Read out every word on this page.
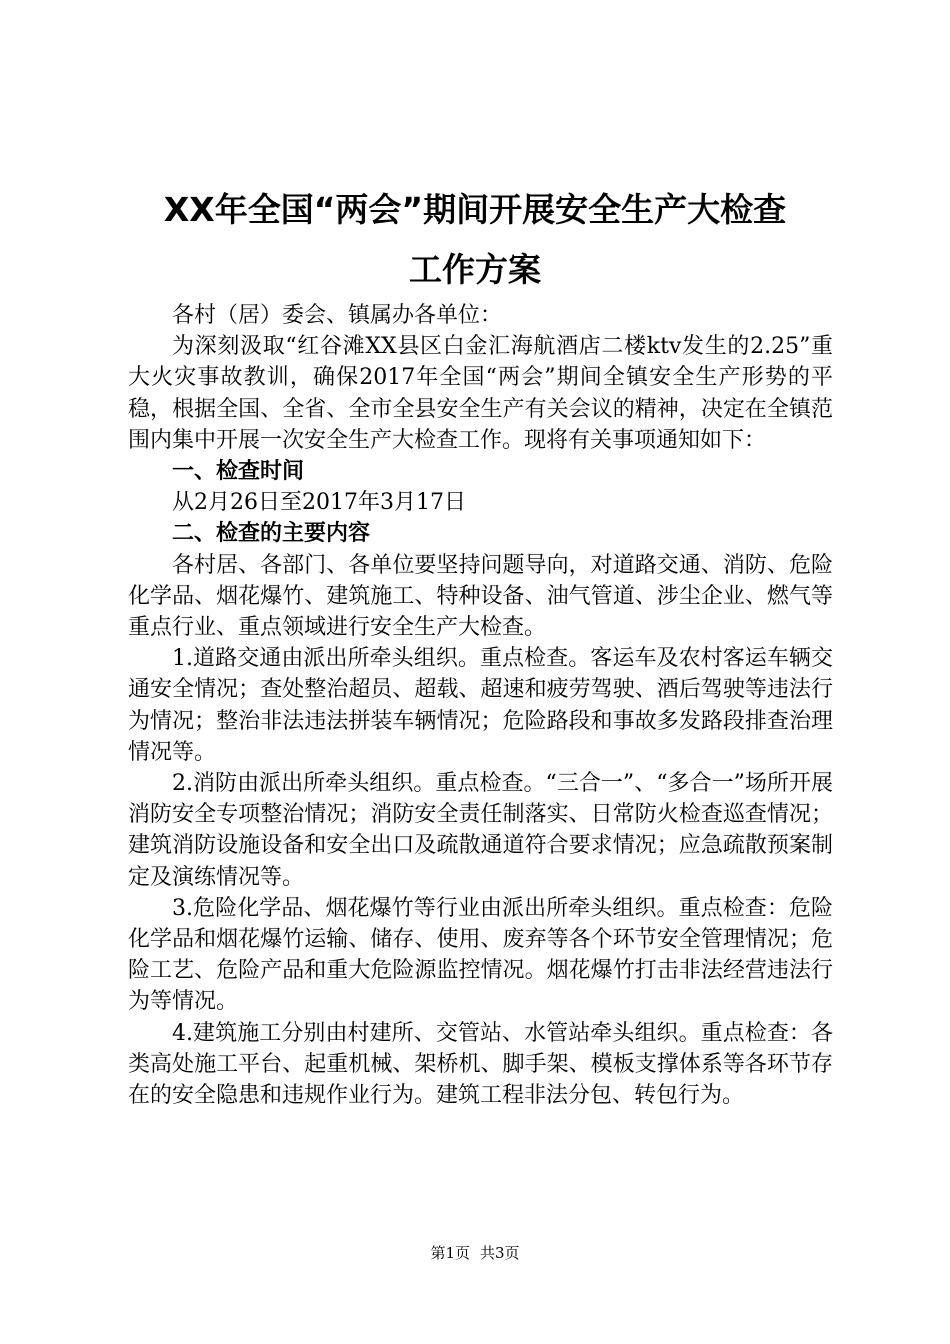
XX年全国“两会”期间开展安全生产大检查
工作方案

各村（居）委会、镇属办各单位：

为深刻汲取“红谷滩XX县区白金汇海航酒店二楼ktv发生的2.25”重大火灾事故教训，确保2017年全国“两会”期间全镇安全生产形势的平稳，根据全国、全省、全市全县安全生产有关会议的精神，决定在全镇范围内集中开展一次安全生产大检查工作。现将有关事项通知如下：

一、检查时间

从2月26日至2017年3月17日

二、检查的主要内容

各村居、各部门、各单位要坚持问题导向，对道路交通、消防、危险化学品、烟花爆竹、建筑施工、特种设备、油气管道、涉尘企业、燃气等重点行业、重点领域进行安全生产大检查。

1.道路交通由派出所牵头组织。重点检查。客运车及农村客运车辆交通安全情况；查处整治超员、超载、超速和疲劳驾驶、酒后驾驶等违法行为情况；整治非法违法拼装车辆情况；危险路段和事故多发路段排查治理情况等。

2.消防由派出所牵头组织。重点检查。“三合一”、“多合一”场所开展消防安全专项整治情况；消防安全责任制落实、日常防火检查巡查情况；建筑消防设施设备和安全出口及疏散通道符合要求情况；应急疏散预案制定及演练情况等。

3.危险化学品、烟花爆竹等行业由派出所牵头组织。重点检查：危险化学品和烟花爆竹运输、储存、使用、废弃等各个环节安全管理情况；危险工艺、危险产品和重大危险源监控情况。烟花爆竹打击非法经营违法行为等情况。

4.建筑施工分别由村建所、交管站、水管站牵头组织。重点检查：各类高处施工平台、起重机械、架桥机、脚手架、模板支撑体系等各环节存在的安全隐患和违规作业行为。建筑工程非法分包、转包行为。

第1页 共3页
